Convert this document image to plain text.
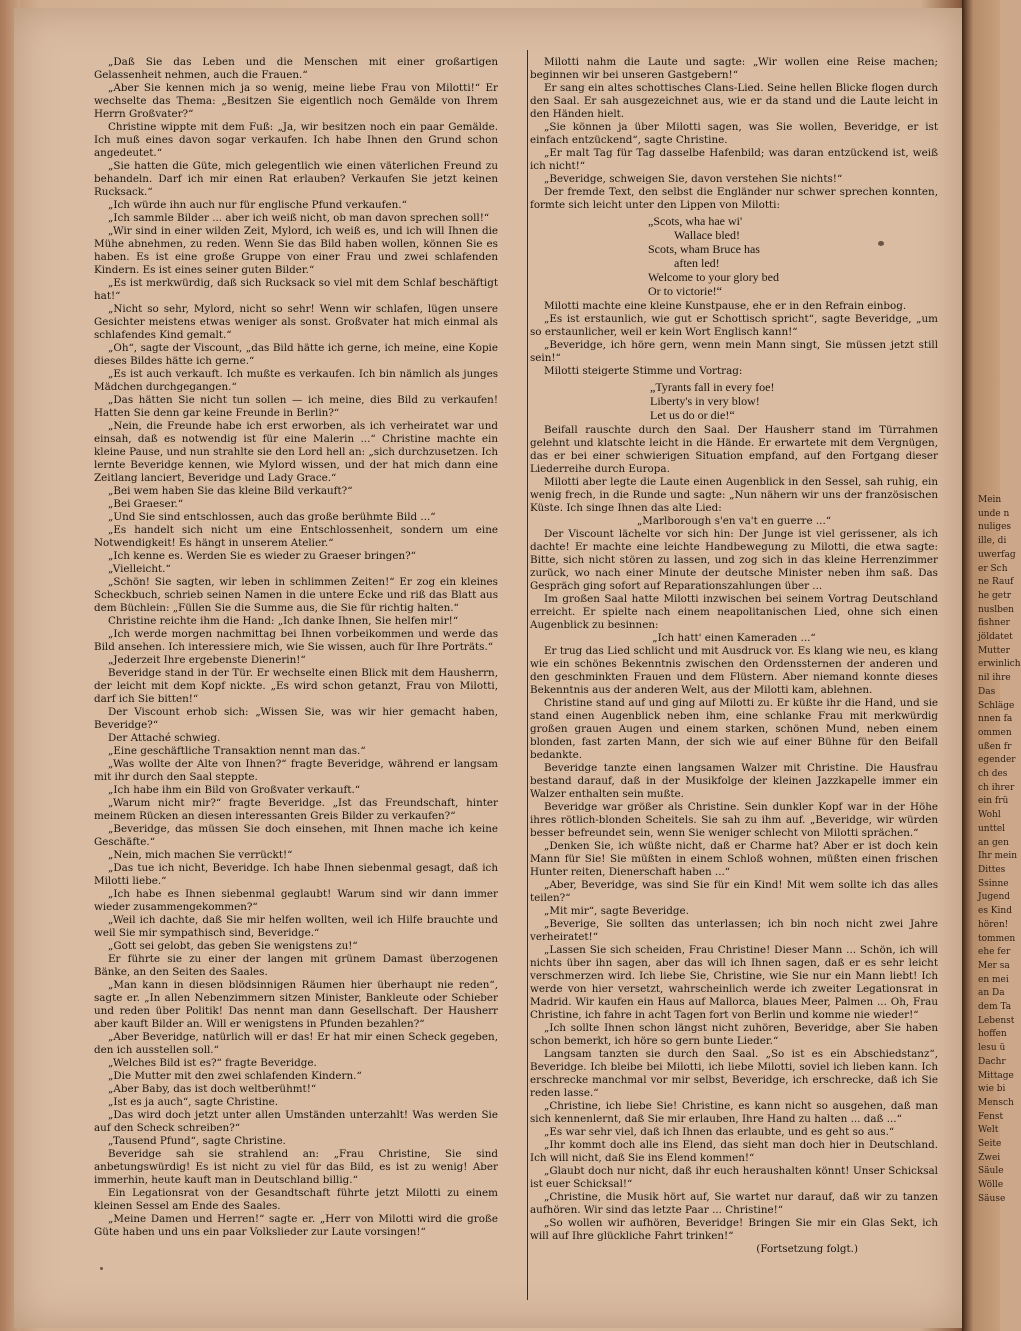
„Daß Sie das Leben und die Menschen mit einer großartigen Gelassenheit nehmen, auch die Frauen.“

„Aber Sie kennen mich ja so wenig, meine liebe Frau von Milotti!“ Er wechselte das Thema: „Besitzen Sie eigentlich noch Gemälde von Ihrem Herrn Großvater?“

Christine wippte mit dem Fuß: „Ja, wir besitzen noch ein paar Gemälde. Ich muß eines davon sogar verkaufen. Ich habe Ihnen den Grund schon angedeutet.“

„Sie hatten die Güte, mich gelegentlich wie einen väterlichen Freund zu behandeln. Darf ich mir einen Rat erlauben? Verkaufen Sie jetzt keinen Rucksack.“

„Ich würde ihn auch nur für englische Pfund verkaufen.“

„Ich sammle Bilder ... aber ich weiß nicht, ob man davon sprechen soll!“

„Wir sind in einer wilden Zeit, Mylord, ich weiß es, und ich will Ihnen die Mühe abnehmen, zu reden. Wenn Sie das Bild haben wollen, können Sie es haben. Es ist eine große Gruppe von einer Frau und zwei schlafenden Kindern. Es ist eines seiner guten Bilder.“

„Es ist merkwürdig, daß sich Rucksack so viel mit dem Schlaf beschäftigt hat!“

„Nicht so sehr, Mylord, nicht so sehr! Wenn wir schlafen, lügen unsere Gesichter meistens etwas weniger als sonst. Großvater hat mich einmal als schlafendes Kind gemalt.“

„Oh“, sagte der Viscount, „das Bild hätte ich gerne, ich meine, eine Kopie dieses Bildes hätte ich gerne.“

„Es ist auch verkauft. Ich mußte es verkaufen. Ich bin nämlich als junges Mädchen durchgegangen.“

„Das hätten Sie nicht tun sollen — ich meine, dies Bild zu verkaufen! Hatten Sie denn gar keine Freunde in Berlin?“

„Nein, die Freunde habe ich erst erworben, als ich verheiratet war und einsah, daß es notwendig ist für eine Malerin ...“ Christine machte ein kleine Pause, und nun strahlte sie den Lord hell an: „sich durchzusetzen. Ich lernte Beveridge kennen, wie Mylord wissen, und der hat mich dann eine Zeitlang lanciert, Beveridge und Lady Grace.“

„Bei wem haben Sie das kleine Bild verkauft?“

„Bei Graeser.“

„Und Sie sind entschlossen, auch das große berühmte Bild ...“

„Es handelt sich nicht um eine Entschlossenheit, sondern um eine Notwendigkeit! Es hängt in unserem Atelier.“

„Ich kenne es. Werden Sie es wieder zu Graeser bringen?“

„Vielleicht.“

„Schön! Sie sagten, wir leben in schlimmen Zeiten!“ Er zog ein kleines Scheckbuch, schrieb seinen Namen in die untere Ecke und riß das Blatt aus dem Büchlein: „Füllen Sie die Summe aus, die Sie für richtig halten.“

Christine reichte ihm die Hand: „Ich danke Ihnen, Sie helfen mir!“

„Ich werde morgen nachmittag bei Ihnen vorbeikommen und werde das Bild ansehen. Ich interessiere mich, wie Sie wissen, auch für Ihre Porträts.“

„Jederzeit Ihre ergebenste Dienerin!“

Beveridge stand in der Tür. Er wechselte einen Blick mit dem Hausherrn, der leicht mit dem Kopf nickte. „Es wird schon getanzt, Frau von Milotti, darf ich Sie bitten!“

Der Viscount erhob sich: „Wissen Sie, was wir hier gemacht haben, Beveridge?“

Der Attaché schwieg.

„Eine geschäftliche Transaktion nennt man das.“

„Was wollte der Alte von Ihnen?“ fragte Beveridge, während er langsam mit ihr durch den Saal steppte.

„Ich habe ihm ein Bild von Großvater verkauft.“

„Warum nicht mir?“ fragte Beveridge. „Ist das Freundschaft, hinter meinem Rücken an diesen interessanten Greis Bilder zu verkaufen?“

„Beveridge, das müssen Sie doch einsehen, mit Ihnen mache ich keine Geschäfte.“

„Nein, mich machen Sie verrückt!“

„Das tue ich nicht, Beveridge. Ich habe Ihnen siebenmal gesagt, daß ich Milotti liebe.“

„Ich habe es Ihnen siebenmal geglaubt! Warum sind wir dann immer wieder zusammengekommen?“

„Weil ich dachte, daß Sie mir helfen wollten, weil ich Hilfe brauchte und weil Sie mir sympathisch sind, Beveridge.“

„Gott sei gelobt, das geben Sie wenigstens zu!“

Er führte sie zu einer der langen mit grünem Damast überzogenen Bänke, an den Seiten des Saales.

„Man kann in diesen blödsinnigen Räumen hier überhaupt nie reden“, sagte er. „In allen Nebenzimmern sitzen Minister, Bankleute oder Schieber und reden über Politik! Das nennt man dann Gesellschaft. Der Hausherr aber kauft Bilder an. Will er wenigstens in Pfunden bezahlen?“

„Aber Beveridge, natürlich will er das! Er hat mir einen Scheck gegeben, den ich ausstellen soll.“

„Welches Bild ist es?“ fragte Beveridge.

„Die Mutter mit den zwei schlafenden Kindern.“

„Aber Baby, das ist doch weltberühmt!“

„Ist es ja auch“, sagte Christine.

„Das wird doch jetzt unter allen Umständen unterzahlt! Was werden Sie auf den Scheck schreiben?“

„Tausend Pfund“, sagte Christine.

Beveridge sah sie strahlend an: „Frau Christine, Sie sind anbetungswürdig! Es ist nicht zu viel für das Bild, es ist zu wenig! Aber immerhin, heute kauft man in Deutschland billig.“

Ein Legationsrat von der Gesandtschaft führte jetzt Milotti zu einem kleinen Sessel am Ende des Saales.

„Meine Damen und Herren!“ sagte er. „Herr von Milotti wird die große Güte haben und uns ein paar Volkslieder zur Laute vorsingen!“

Milotti nahm die Laute und sagte: „Wir wollen eine Reise machen; beginnen wir bei unseren Gastgebern!“

Er sang ein altes schottisches Clans-Lied. Seine hellen Blicke flogen durch den Saal. Er sah ausgezeichnet aus, wie er da stand und die Laute leicht in den Händen hielt.

„Sie können ja über Milotti sagen, was Sie wollen, Beveridge, er ist einfach entzückend“, sagte Christine.

„Er malt Tag für Tag dasselbe Hafenbild; was daran entzückend ist, weiß ich nicht!“

„Beveridge, schweigen Sie, davon verstehen Sie nichts!“

Der fremde Text, den selbst die Engländer nur schwer sprechen konnten, formte sich leicht unter den Lippen von Milotti:

„Scots, wha hae wi'
Wallace bled!
Scots, wham Bruce has
aften led!
Welcome to your glory bed
Or to victorie!“

Milotti machte eine kleine Kunstpause, ehe er in den Refrain einbog.

„Es ist erstaunlich, wie gut er Schottisch spricht“, sagte Beveridge, „um so erstaunlicher, weil er kein Wort Englisch kann!“

„Beveridge, ich höre gern, wenn mein Mann singt, Sie müssen jetzt still sein!“

Milotti steigerte Stimme und Vortrag:

„Tyrants fall in every foe!
Liberty's in very blow!
Let us do or die!“

Beifall rauschte durch den Saal. Der Hausherr stand im Türrahmen gelehnt und klatschte leicht in die Hände. Er erwartete mit dem Vergnügen, das er bei einer schwierigen Situation empfand, auf den Fortgang dieser Liederreihe durch Europa.

Milotti aber legte die Laute einen Augenblick in den Sessel, sah ruhig, ein wenig frech, in die Runde und sagte: „Nun nähern wir uns der französischen Küste. Ich singe Ihnen das alte Lied:

„Marlborough s'en va't en guerre ...“

Der Viscount lächelte vor sich hin: Der Junge ist viel gerissener, als ich dachte! Er machte eine leichte Handbewegung zu Milotti, die etwa sagte: Bitte, sich nicht stören zu lassen, und zog sich in das kleine Herrenzimmer zurück, wo nach einer Minute der deutsche Minister neben ihm saß. Das Gespräch ging sofort auf Reparationszahlungen über ...

Im großen Saal hatte Milotti inzwischen bei seinem Vortrag Deutschland erreicht. Er spielte nach einem neapolitanischen Lied, ohne sich einen Augenblick zu besinnen:

„Ich hatt' einen Kameraden ...“

Er trug das Lied schlicht und mit Ausdruck vor. Es klang wie neu, es klang wie ein schönes Bekenntnis zwischen den Ordenssternen der anderen und den geschminkten Frauen und dem Flüstern. Aber niemand konnte dieses Bekenntnis aus der anderen Welt, aus der Milotti kam, ablehnen.

Christine stand auf und ging auf Milotti zu. Er küßte ihr die Hand, und sie stand einen Augenblick neben ihm, eine schlanke Frau mit merkwürdig großen grauen Augen und einem starken, schönen Mund, neben einem blonden, fast zarten Mann, der sich wie auf einer Bühne für den Beifall bedankte.

Beveridge tanzte einen langsamen Walzer mit Christine. Die Hausfrau bestand darauf, daß in der Musikfolge der kleinen Jazzkapelle immer ein Walzer enthalten sein mußte.

Beveridge war größer als Christine. Sein dunkler Kopf war in der Höhe ihres rötlich-blonden Scheitels. Sie sah zu ihm auf. „Beveridge, wir würden besser befreundet sein, wenn Sie weniger schlecht von Milotti sprächen.“

„Denken Sie, ich wüßte nicht, daß er Charme hat? Aber er ist doch kein Mann für Sie! Sie müßten in einem Schloß wohnen, müßten einen frischen Hunter reiten, Dienerschaft haben ...“

„Aber, Beveridge, was sind Sie für ein Kind! Mit wem sollte ich das alles teilen?“

„Mit mir“, sagte Beveridge.

„Beverige, Sie sollten das unterlassen; ich bin noch nicht zwei Jahre verheiratet!“

„Lassen Sie sich scheiden, Frau Christine! Dieser Mann ... Schön, ich will nichts über ihn sagen, aber das will ich Ihnen sagen, daß er es sehr leicht verschmerzen wird. Ich liebe Sie, Christine, wie Sie nur ein Mann liebt! Ich werde von hier versetzt, wahrscheinlich werde ich zweiter Legationsrat in Madrid. Wir kaufen ein Haus auf Mallorca, blaues Meer, Palmen ... Oh, Frau Christine, ich fahre in acht Tagen fort von Berlin und komme nie wieder!“

„Ich sollte Ihnen schon längst nicht zuhören, Beveridge, aber Sie haben schon bemerkt, ich höre so gern bunte Lieder.“

Langsam tanzten sie durch den Saal. „So ist es ein Abschiedstanz“, Beveridge. Ich bleibe bei Milotti, ich liebe Milotti, soviel ich lieben kann. Ich erschrecke manchmal vor mir selbst, Beveridge, ich erschrecke, daß ich Sie reden lasse.“

„Christine, ich liebe Sie! Christine, es kann nicht so ausgehen, daß man sich kennenlernt, daß Sie mir erlauben, Ihre Hand zu halten ... daß ...“

„Es war sehr viel, daß ich Ihnen das erlaubte, und es geht so aus.“

„Ihr kommt doch alle ins Elend, das sieht man doch hier in Deutschland. Ich will nicht, daß Sie ins Elend kommen!“

„Glaubt doch nur nicht, daß ihr euch heraushalten könnt! Unser Schicksal ist euer Schicksal!“

„Christine, die Musik hört auf, Sie wartet nur darauf, daß wir zu tanzen aufhören. Wir sind das letzte Paar ... Christine!“

„So wollen wir aufhören, Beveridge! Bringen Sie mir ein Glas Sekt, ich will auf Ihre glückliche Fahrt trinken!“

(Fortsetzung folgt.)

Mein
unde n
nuliges
ille, di
uwerfag
er Sch
ne Rauf
he getr
nuslben
fishner
jöldatet
Mutter
erwinlich
nil ihre
Das
Schläge
nnen fa
ommen
ußen fr
egender
ch des
ch ihrer
ein frü
Wohl
unttel
an gen
Ihr mein
Dittes
Ssinne
Jugend
es Kind
hören!
tommen
ehe fer
Mer sa
en mei
an Da
dem Ta
Lebenst
hoffen
lesu ü
Dachr
Mittage
wie bi
Mensch
Fenst
Welt
Seite
Zwei
Säule
Wölle
Säuse
